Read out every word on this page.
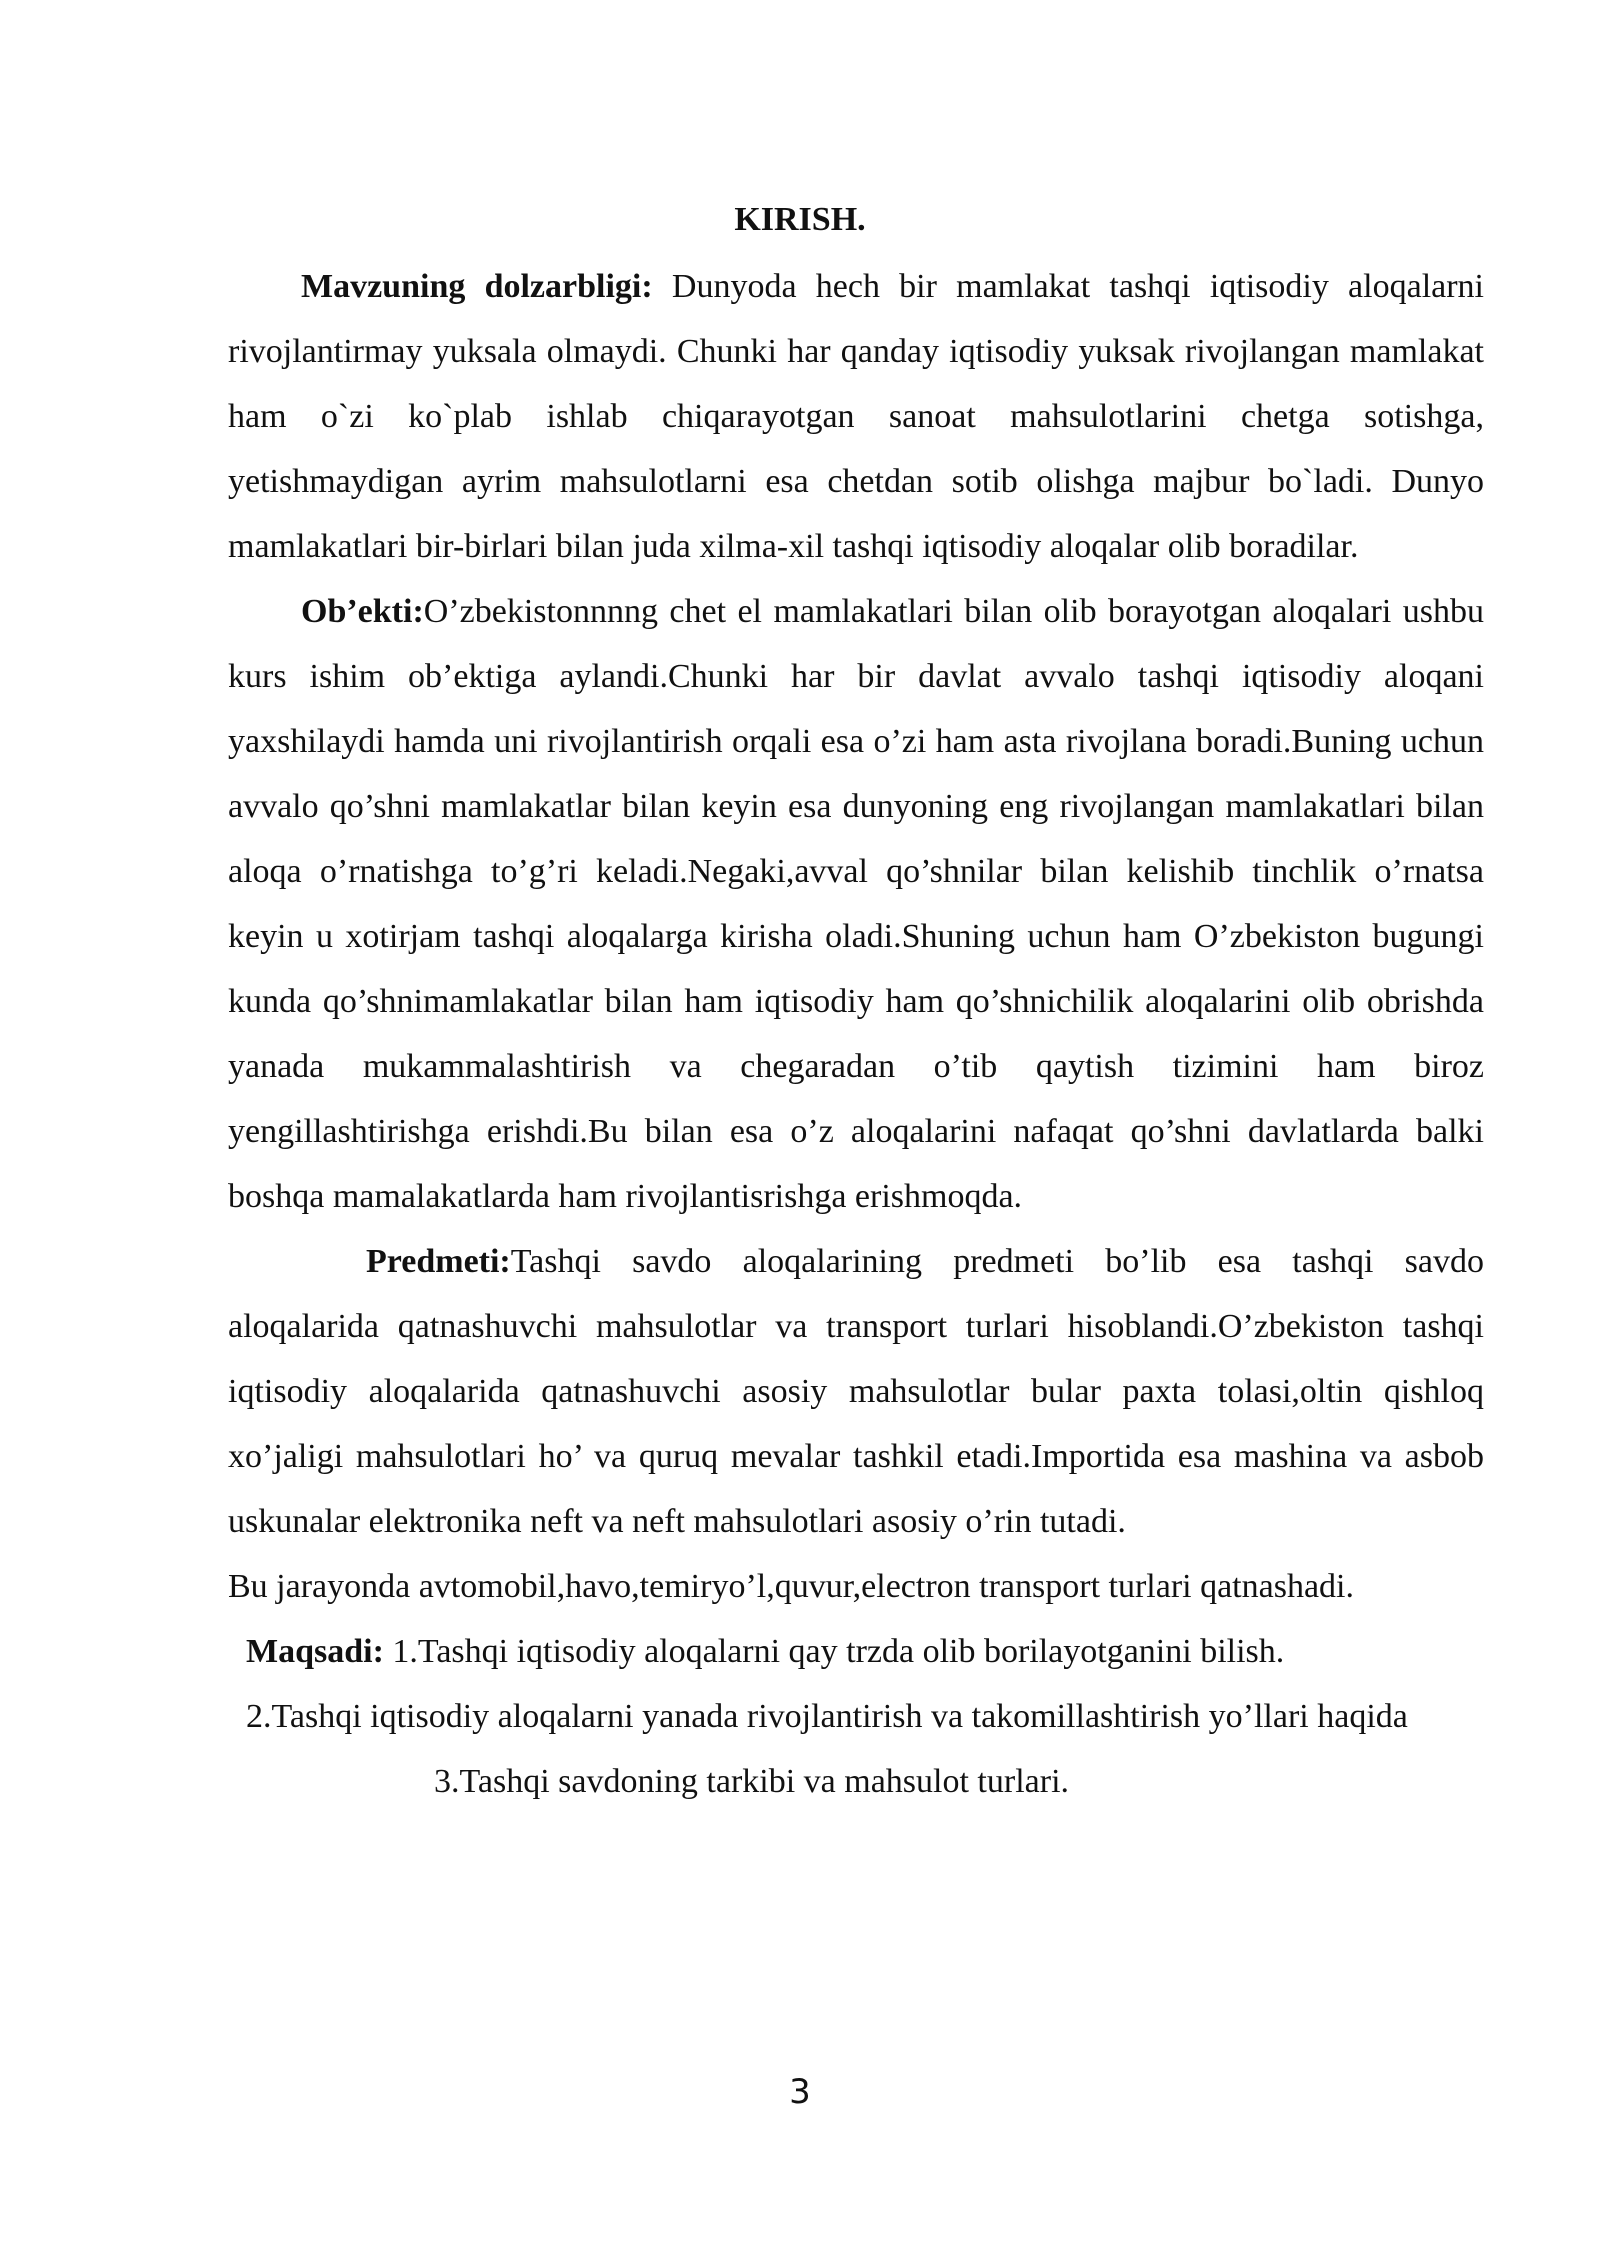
KIRISH.

Mavzuning dolzarbligi: Dunyoda hech bir mamlakat tashqi iqtisodiy aloqalarni rivojlantirmay yuksala olmaydi. Chunki har qanday iqtisodiy yuksak rivojlangan mamlakat ham o`zi ko`plab ishlab chiqarayotgan sanoat mahsulotlarini chetga sotishga, yetishmaydigan ayrim mahsulotlarni esa chetdan sotib olishga majbur bo`ladi. Dunyo mamlakatlari bir-birlari bilan juda xilma-xil tashqi iqtisodiy aloqalar olib boradilar.

Ob’ekti:O’zbekistonnnng chet el mamlakatlari bilan olib borayotgan aloqalari ushbu kurs ishim ob’ektiga aylandi.Chunki har bir davlat avvalo tashqi iqtisodiy aloqani yaxshilaydi hamda uni rivojlantirish orqali esa o’zi ham asta rivojlana boradi.Buning uchun avvalo qo’shni mamlakatlar bilan keyin esa dunyoning eng rivojlangan mamlakatlari bilan aloqa o’rnatishga to’g’ri keladi.Negaki,avval qo’shnilar bilan kelishib tinchlik o’rnatsa keyin u xotirjam tashqi aloqalarga kirisha oladi.Shuning uchun ham O’zbekiston bugungi kunda qo’shnimamlakatlar bilan ham iqtisodiy ham qo’shnichilik aloqalarini olib obrishda yanada mukammalashtirish va chegaradan o’tib qaytish tizimini ham biroz yengillashtirishga erishdi.Bu bilan esa o’z aloqalarini nafaqat qo’shni davlatlarda balki boshqa mamalakatlarda ham rivojlantisrishga erishmoqda.

Predmeti:Tashqi savdo aloqalarining predmeti bo’lib esa tashqi savdo aloqalarida qatnashuvchi mahsulotlar va transport turlari hisoblandi.O’zbekiston tashqi iqtisodiy aloqalarida qatnashuvchi asosiy mahsulotlar bular paxta tolasi,oltin qishloq xo’jaligi mahsulotlari ho’ va quruq mevalar tashkil etadi.Importida esa mashina va asbob uskunalar elektronika neft va neft mahsulotlari asosiy o’rin tutadi.

Bu jarayonda avtomobil,havo,temiryo’l,quvur,electron transport turlari qatnashadi.

Maqsadi: 1.Tashqi iqtisodiy aloqalarni qay trzda olib borilayotganini bilish.

2.Tashqi iqtisodiy aloqalarni yanada rivojlantirish va takomillashtirish yo’llari haqida

3.Tashqi savdoning tarkibi va mahsulot turlari.

3
